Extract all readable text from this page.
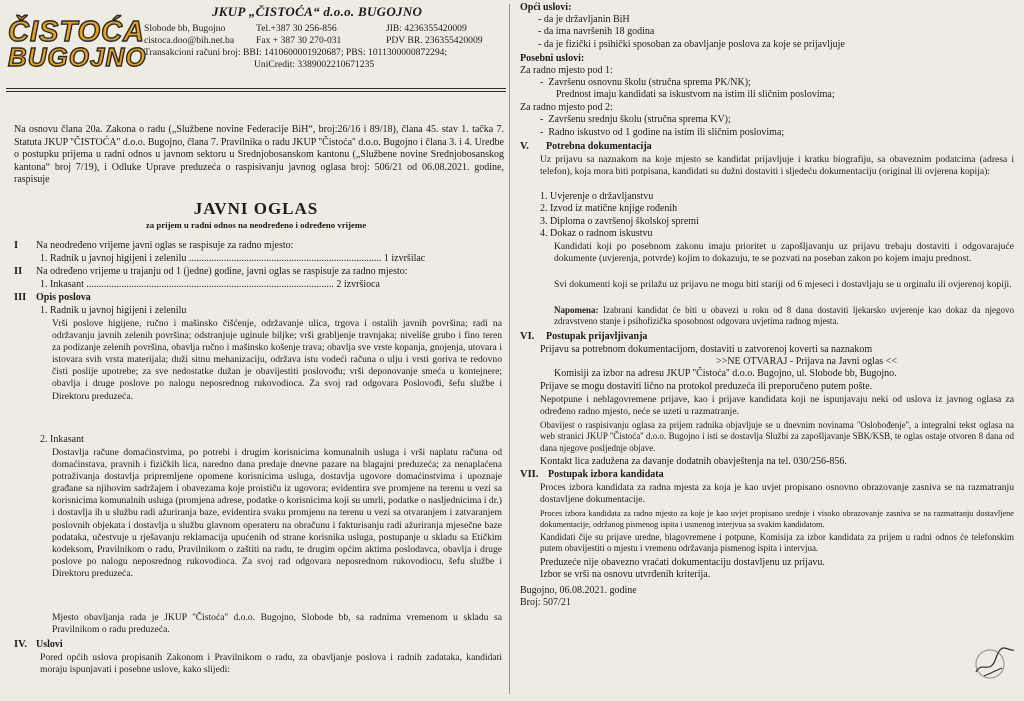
ČISTOĆA
BUGOJNO
JKUP „ČISTOĆA“ d.o.o. BUGOJNO
Slobode bb, Bugojno	Tel.+387 30 256-856	JIB: 4236355420009
cistoca.doo@bih.net.ba Fax + 387 30 270-031	PDV BR. 236355420009
Transakcioni računi broj: BBI: 1410600001920687; PBS: 1011300000872294;
UniCredit: 3389002210671235
Na osnovu člana 20a. Zakona o radu („Službene novine Federacije BiH“, broj:26/16 i 89/18), člana 45. stav 1. tačka 7. Statuta JKUP ''ČISTOĆA'' d.o.o. Bugojno, člana 7. Pravilnika o radu JKUP ''Čistoća'' d.o.o. Bugojno i člana 3. i 4. Uredbe o postupku prijema u radni odnos u javnom sektoru u Srednjobosanskom kantonu („Službene novine Srednjobosanskog kantona“ broj 7/19), i Odluke Uprave preduzeća o raspisivanju javnog oglasa broj: 506/21 od 06.08.2021. godine, raspisuje
JAVNI OGLAS
za prijem u radni odnos na neodređeno i određeno vrijeme
I Na neodređeno vrijeme javni oglas se raspisuje za radno mjesto:
1. Radnik u javnoj higijeni i zelenilu ............................................................................. 1 izvršilac
II Na određeno vrijeme u trajanju od 1 (jedne) godine, javni oglas se raspisuje za radno mjesto:
1. Inkasant ................................................................................................... 2 izvršioca
III Opis poslova
1. Radnik u javnoj higijeni i zelenilu
Vrši poslove higijene, ručno i mašinsko čišćenje, održavanje ulica, trgova i ostalih javnih površina; radi na održavanju javnih zelenih površina; odstranjuje uginule biljke; vrši grabljenje travnjaka; niveliše grubo i fino teren za podizanje zelenih površina, obavlja ručno i mašinsko košenje trava; obavlja sve vrste kopanja, gnojenja, utovara i istovara svih vrsta materijala; duži sitnu mehanizaciju, održava istu vodeći računa o ulju i vrsti goriva te redovno čisti poslije upotrebe; za sve nedostatke dužan je obavijestiti poslovođu; vrši deponovanje smeća u kontejnere; obavlja i druge poslove po nalogu neposrednog rukovodioca. Za svoj rad odgovara Poslovođi, šefu službe i Direktoru preduzeća.
2. Inkasant
Dostavlja račune domaćinstvima, po potrebi i drugim korisnicima komunalnih usluga i vrši naplatu računa od domaćinstava, pravnih i fizičkih lica, naredno dana predaje dnevne pazare na blagajni preduzeća; za nenaplaćena potraživanja dostavlja pripremljene opomene korisnicima usluga, dostavlja ugovore domaćinstvima i upoznaje građane sa njihovim sadržajem i obavezama koje proističu iz ugovora; evidentira sve promjene na terenu u vezi sa korisnicima komunalnih usluga (promjena adrese, podatke o korisnicima koji su umrli, podatke o nasljednicima i dr.) i dostavlja ih u službu radi ažuriranja baze, evidentira svaku promjenu na terenu u vezi sa otvaranjem i zatvaranjem poslovnih objekata i dostavlja u službu glavnom operateru na obračunu i fakturisanju radi ažuriranja mjesečne baze podataka, učestvuje u rješavanju reklamacija upućenih od strane korisnika usluga, postupanje u skladu sa Etičkim kodeksom, Pravilnikom o radu, Pravilnikom o zaštiti na radu, te drugim općim aktima poslodavca, obavlja i druge poslove po nalogu neposrednog rukovodioca. Za svoj rad odgovara neposrednom rukovodiocu, šefu službe i Direktoru preduzeća.
Mjesto obavljanja rada je JKUP ''Čistoća'' d.o.o. Bugojno, Slobode bb, sa radnima vremenom u skladu sa Pravilnikom o radu preduzeća.
IV. Uslovi
Pored općih uslova propisanih Zakonom i Pravilnikom o radu, za obavljanje poslova i radnih zadataka, kandidati moraju ispunjavati i posebne uslove, kako slijedi:
Opći uslovi:
- da je državljanin BiH
- da ima navršenih 18 godina
- da je fizički i psihički sposoban za obavljanje poslova za koje se prijavljuje
Posebni uslovi:
Za radno mjesto pod 1:
-  Završenu osnovnu školu (stručna sprema PK/NK);
Prednost imaju kandidati sa iskustvom na istim ili sličnim poslovima;
Za radno mjesto pod 2:
-  Završenu srednju školu (stručna sprema KV);
-  Radno iskustvo od 1 godine na istim ili sličnim poslovima;
V. Potrebna dokumentacija
Uz prijavu sa naznakom na koje mjesto se kandidat prijavljuje i kratku biografiju, sa obaveznim podatcima (adresa i telefon), koja mora biti potpisana, kandidati su dužni dostaviti i sljedeću dokumentaciju (original ili ovjerena kopija):
1. Uvjerenje o državljanstvu
2. Izvod iz matične knjige rođenih
3. Diploma o završenoj školskoj spremi
4. Dokaz o radnom iskustvu
Kandidati koji po posebnom zakonu imaju prioritet u zapošljavanju uz prijavu trebaju dostaviti i odgovarajuće dokumente (uvjerenja, potvrde) kojim to dokazuju, te se pozvati na poseban zakon po kojem imaju prednost.
Svi dokumenti koji se prilažu uz prijavu ne mogu biti stariji od 6 mjeseci i dostavljaju se u orginalu ili ovjerenoj kopiji.
Napomena: Izabrani kandidat će biti u obavezi u roku od 8 dana dostaviti ljekarsko uvjerenje kao dokaz da njegovo zdravstveno stanje i psihofizička sposobnost odgovara uvjetima radnog mjesta.
VI. Postupak prijavljivanja
Prijavu sa potrebnom dokumentacijom, dostaviti u zatvorenoj koverti sa naznakom
>>NE OTVARAJ - Prijava na Javni oglas <<
Komisiji za izbor na adresu JKUP ''Čistoća'' d.o.o. Bugojno, ul. Slobode bb, Bugojno.
Prijave se mogu dostaviti lično na protokol preduzeća ili preporučeno putem pošte.
Nepotpune i neblagovremene prijave, kao i prijave kandidata koji ne ispunjavaju neki od uslova iz javnog oglasa za određeno radno mjesto, neće se uzeti u razmatranje.
Obavijest o raspisivanju oglasa za prijem radnika objavljuje se u dnevnim novinama ''Oslobođenje'', a integralni tekst oglasa na web stranici JKUP ''Čistoća'' d.o.o. Bugojno i isti se dostavlja Službi za zapošljavanje SBK/KSB, te oglas ostaje otvoren 8 dana od dana njegove posljednje objave.
Kontakt lica zadužena za davanje dodatnih obavještenja na tel. 030/256-856.
VII. Postupak izbora kandidata
Proces izbora kandidata za radna mjesta za koja je kao uvjet propisano osnovno obrazovanje zasniva se na razmatranju dostavljene dokumentacije.
Proces izbora kandidata za radno mjesto za koje je kao uvjet propisano srednje i visoko obrazovanje zasniva se na razmatranju dostavljene dokumentacije, održanog pismenog ispita i usmenog interjvua sa svakim kandidatom.
Kandidati čije su prijave uredne, blagovremene i potpune, Komisija za izbor kandidata za prijem u radni odnos će telefonskim putem obavijestiti o mjestu i vremenu održavanja pismenog ispita i intervjua.
Preduzeće nije obavezno vraćati dokumentaciju dostavljenu uz prijavu.
Izbor se vrši na osnovu utvrđenih kriterija.
Bugojno, 06.08.2021. godine
Broj: 507/21
